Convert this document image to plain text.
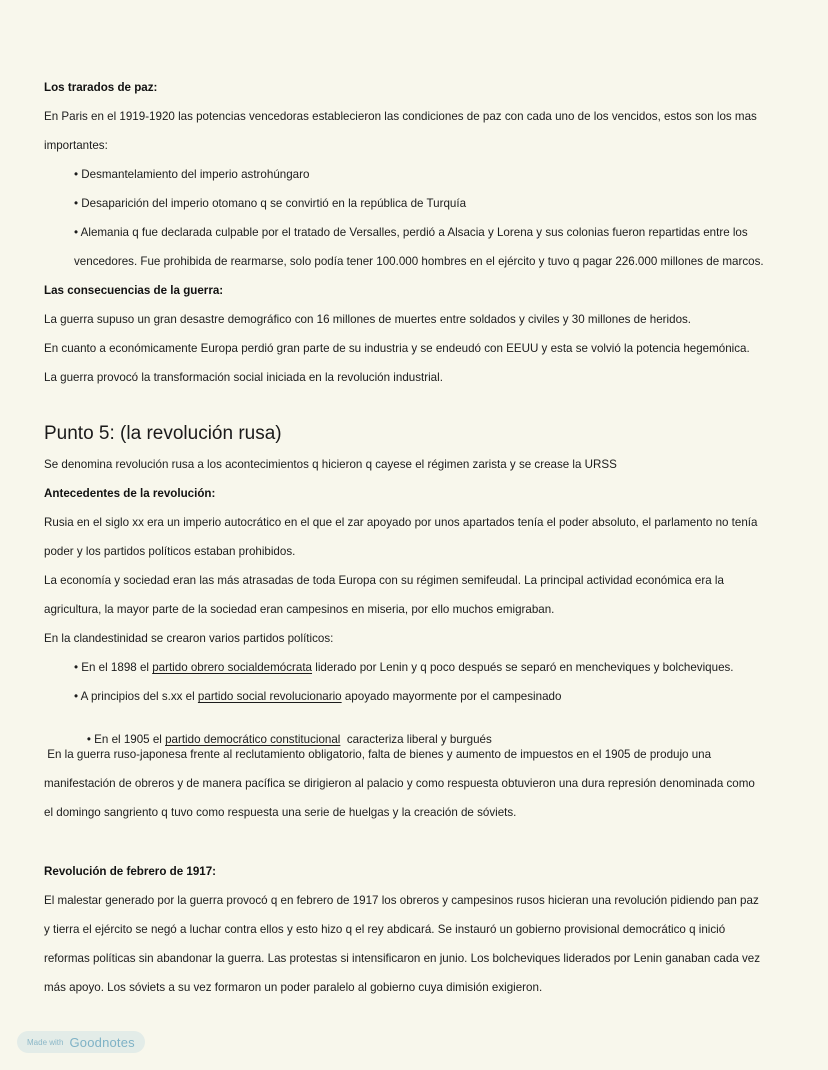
Los trarados de paz:
En Paris en el 1919-1920 las potencias vencedoras establecieron las condiciones de paz con cada uno de los vencidos, estos son los mas
importantes:
• Desmantelamiento del imperio astrohúngaro
• Desaparición del imperio otomano q se convirtió en la república de Turquía
• Alemania q fue declarada culpable por el tratado de Versalles, perdió a Alsacia y Lorena y sus colonias fueron repartidas entre los
vencedores. Fue prohibida de rearmarse, solo podía tener 100.000 hombres en el ejército y tuvo q pagar 226.000 millones de marcos.
Las consecuencias de la guerra:
La guerra supuso un gran desastre demográfico con 16 millones de muertes entre soldados y civiles y 30 millones de heridos.
En cuanto a económicamente Europa perdió gran parte de su industria y se endeudó con EEUU y esta se volvió la potencia hegemónica.
La guerra provocó la transformación social iniciada en la revolución industrial.
Punto 5: (la revolución rusa)
Se denomina revolución rusa a los acontecimientos q hicieron q cayese el régimen zarista y se crease la URSS
Antecedentes de la revolución:
Rusia en el siglo xx era un imperio autocrático en el que el zar apoyado por unos apartados tenía el poder absoluto, el parlamento no tenía
poder y los partidos políticos estaban prohibidos.
La economía y sociedad eran las más atrasadas de toda Europa con su régimen semifeudal. La principal actividad económica era la
agricultura, la mayor parte de la sociedad eran campesinos en miseria, por ello muchos emigraban.
En la clandestinidad se crearon varios partidos políticos:
• En el 1898 el partido obrero socialdemócrata liderado por Lenin y q poco después se separó en mencheviques y bolcheviques.
• A principios del s.xx el partido social revolucionario apoyado mayormente por el campesinado

• En el 1905 el partido democrático constitucional  caracteriza liberal y burgués

En la guerra ruso-japonesa frente al reclutamiento obligatorio, falta de bienes y aumento de impuestos en el 1905 de produjo una
manifestación de obreros y de manera pacífica se dirigieron al palacio y como respuesta obtuvieron una dura represión denominada como
el domingo sangriento q tuvo como respuesta una serie de huelgas y la creación de sóviets.
Revolución de febrero de 1917:
El malestar generado por la guerra provocó q en febrero de 1917 los obreros y campesinos rusos hicieran una revolución pidiendo pan paz
y tierra el ejército se negó a luchar contra ellos y esto hizo q el rey abdicará. Se instauró un gobierno provisional democrático q inició
reformas políticas sin abandonar la guerra. Las protestas si intensificaron en junio. Los bolcheviques liderados por Lenin ganaban cada vez
más apoyo. Los sóviets a su vez formaron un poder paralelo al gobierno cuya dimisión exigieron.
Made with Goodnotes
